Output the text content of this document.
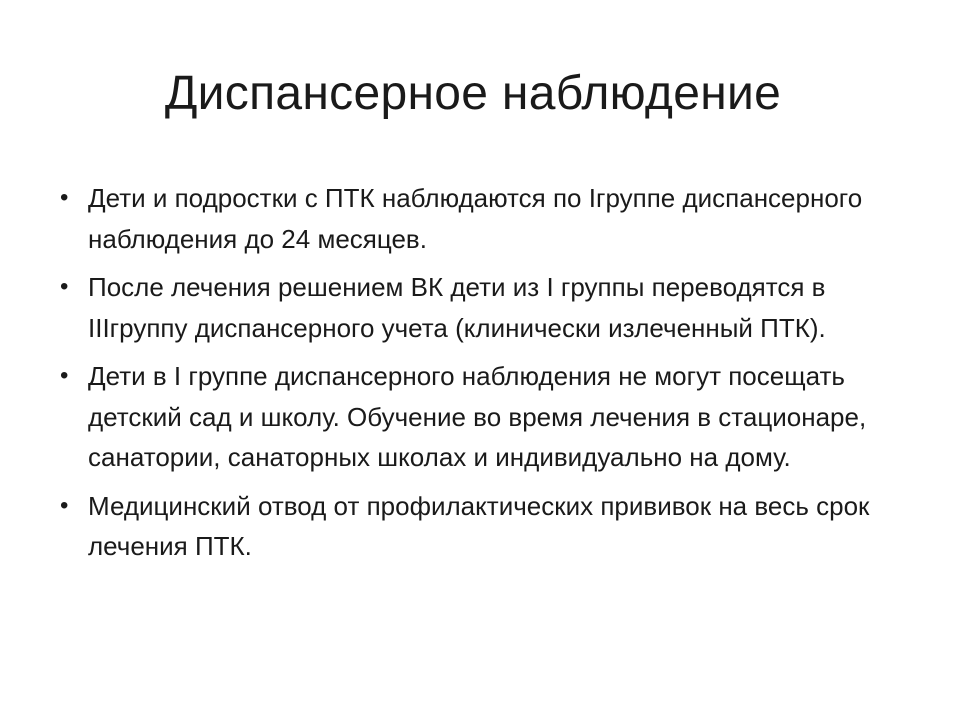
Диспансерное наблюдение
• Дети и подростки с ПТК наблюдаются по Iгруппе диспансерного наблюдения до 24 месяцев.
• После лечения решением ВК дети из I группы переводятся в IIIгруппу диспансерного учета (клинически излеченный ПТК).
• Дети в I группе диспансерного наблюдения не могут посещать детский сад и школу. Обучение во время лечения в стационаре, санатории, санаторных школах и индивидуально на дому.
• Медицинский отвод от профилактических прививок на весь срок лечения ПТК.
